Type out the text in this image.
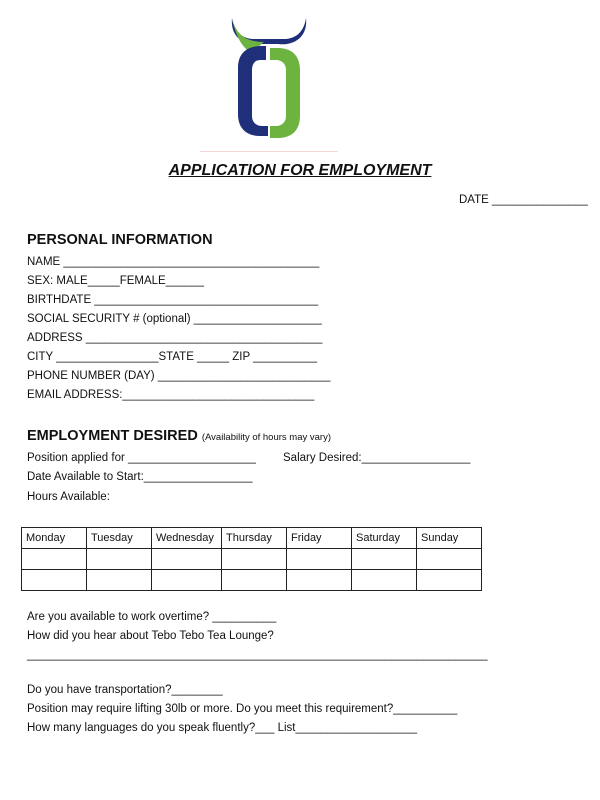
APPLICATION FOR EMPLOYMENT
DATE _______________
PERSONAL INFORMATION
NAME ________________________________________
SEX: MALE_____FEMALE______
BIRTHDATE ___________________________________
SOCIAL SECURITY # (optional) ____________________
ADDRESS _____________________________________
CITY ________________STATE _____ ZIP __________
PHONE NUMBER (DAY) ___________________________
EMAIL ADDRESS:______________________________
EMPLOYMENT DESIRED (Availability of hours may vary)
Position applied for ____________________ Salary Desired:_________________
Date Available to Start:_________________
Hours Available:
Monday	Tuesday	Wednesday	Thursday	Friday	Saturday	Sunday

Are you available to work overtime? __________
How did you hear about Tebo Tebo Tea Lounge?
________________________________________________________________________
Do you have transportation?________
Position may require lifting 30lb or more. Do you meet this requirement?__________
How many languages do you speak fluently?___ List___________________
